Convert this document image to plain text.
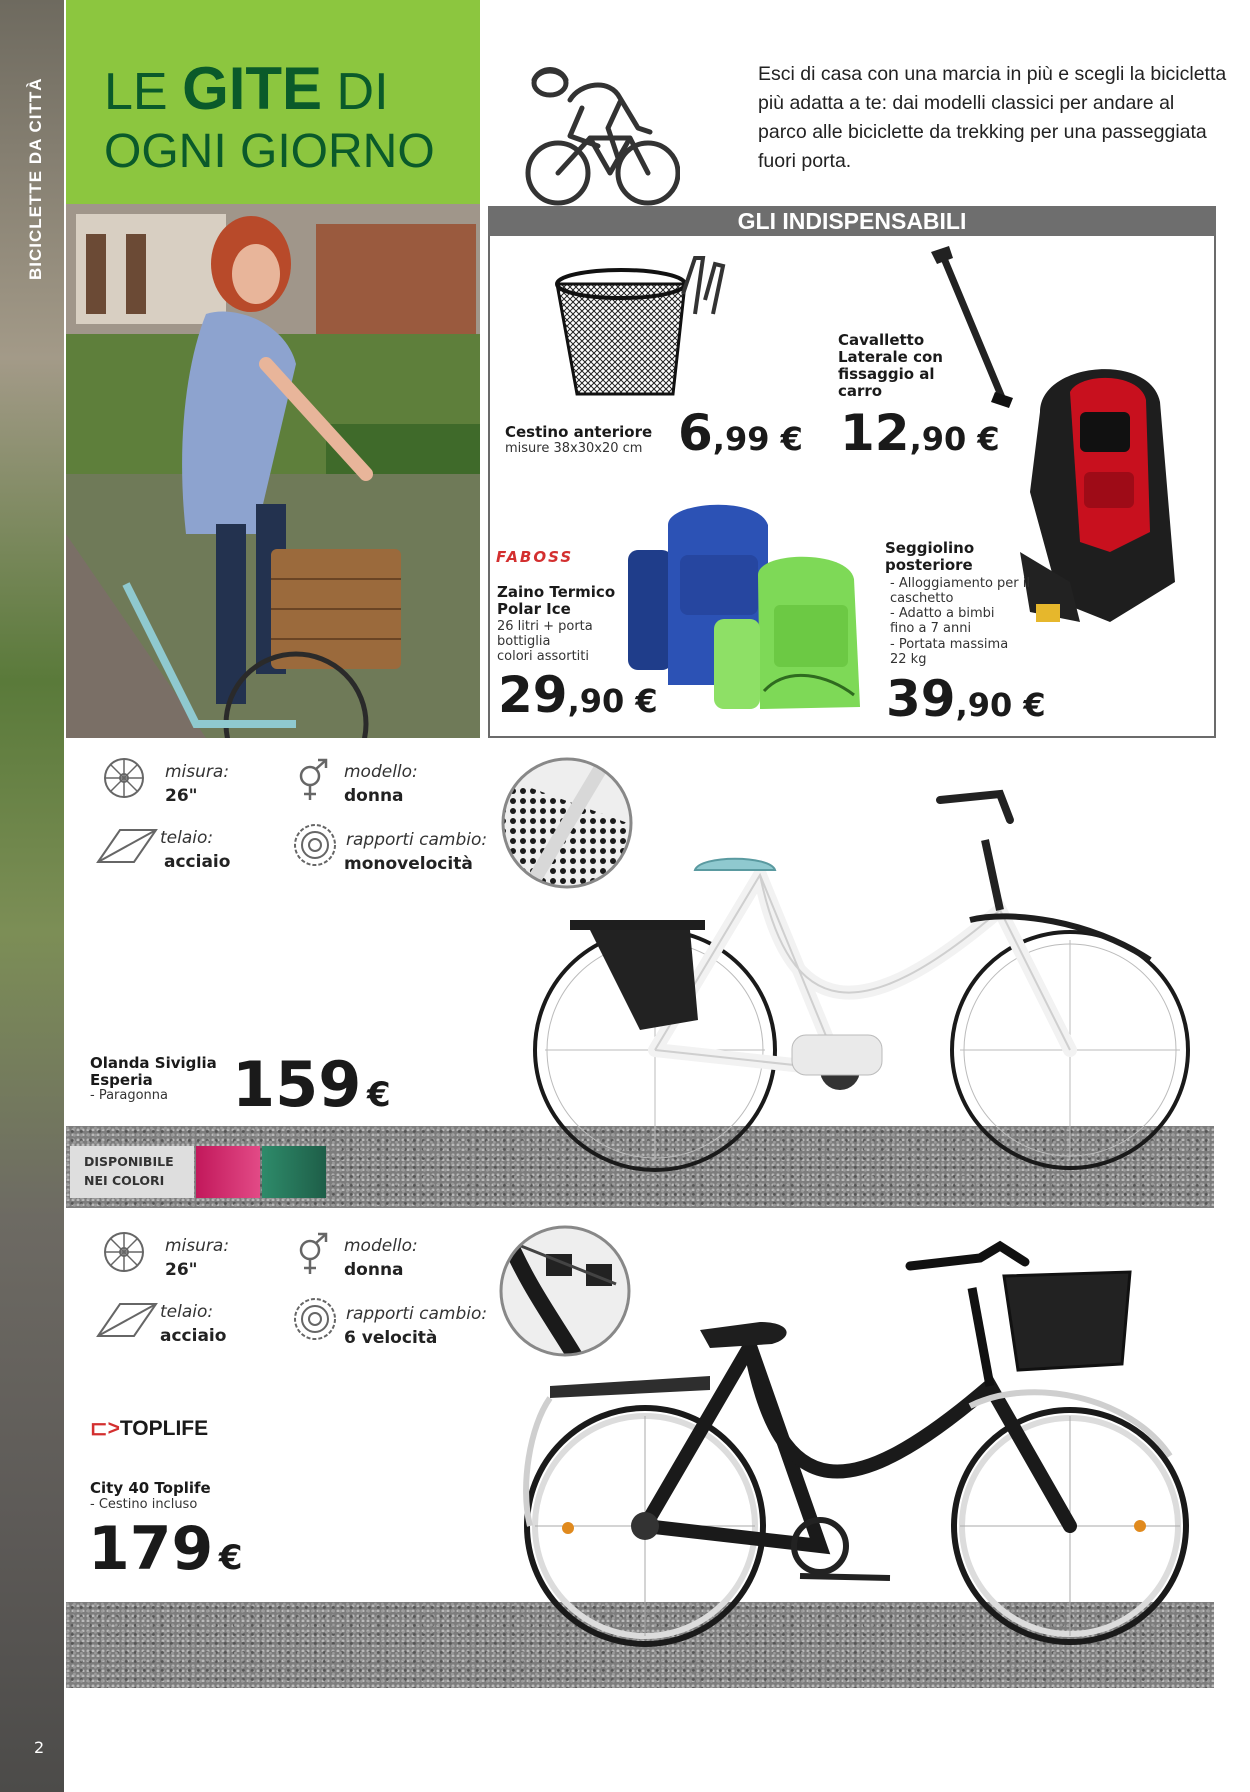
BICICLETTE DA CITTÀ
2
LE GITE DI
OGNI GIORNO
Esci di casa con una marcia in più e scegli la bicicletta più adatta a te: dai modelli classici per andare al parco alle biciclette da trekking per una passeggiata fuori porta.
GLI INDISPENSABILI
Cestino anteriore
misure 38x30x20 cm 6,99 €
Cavalletto Laterale con fissaggio al carro
12,90 €
Seggiolino posteriore
- Alloggiamento per il caschetto
- Adatto a bimbi fino a 7 anni
- Portata massima 22 kg
39,90 €
FABOSS
Zaino Termico Polar Ice
26 litri + porta bottiglia
colori assortiti
29,90 €
misura:
26"
modello:
donna
telaio:
acciaio
rapporti cambio:
monovelocità
Olanda Siviglia Esperia
- Paragonna 159 €
DISPONIBILE NEI COLORI
misura:
26"
modello:
donna
telaio:
acciaio
rapporti cambio:
6 velocità
⊏>TOPLIFE
City 40 Toplife
- Cestino incluso
179 €
